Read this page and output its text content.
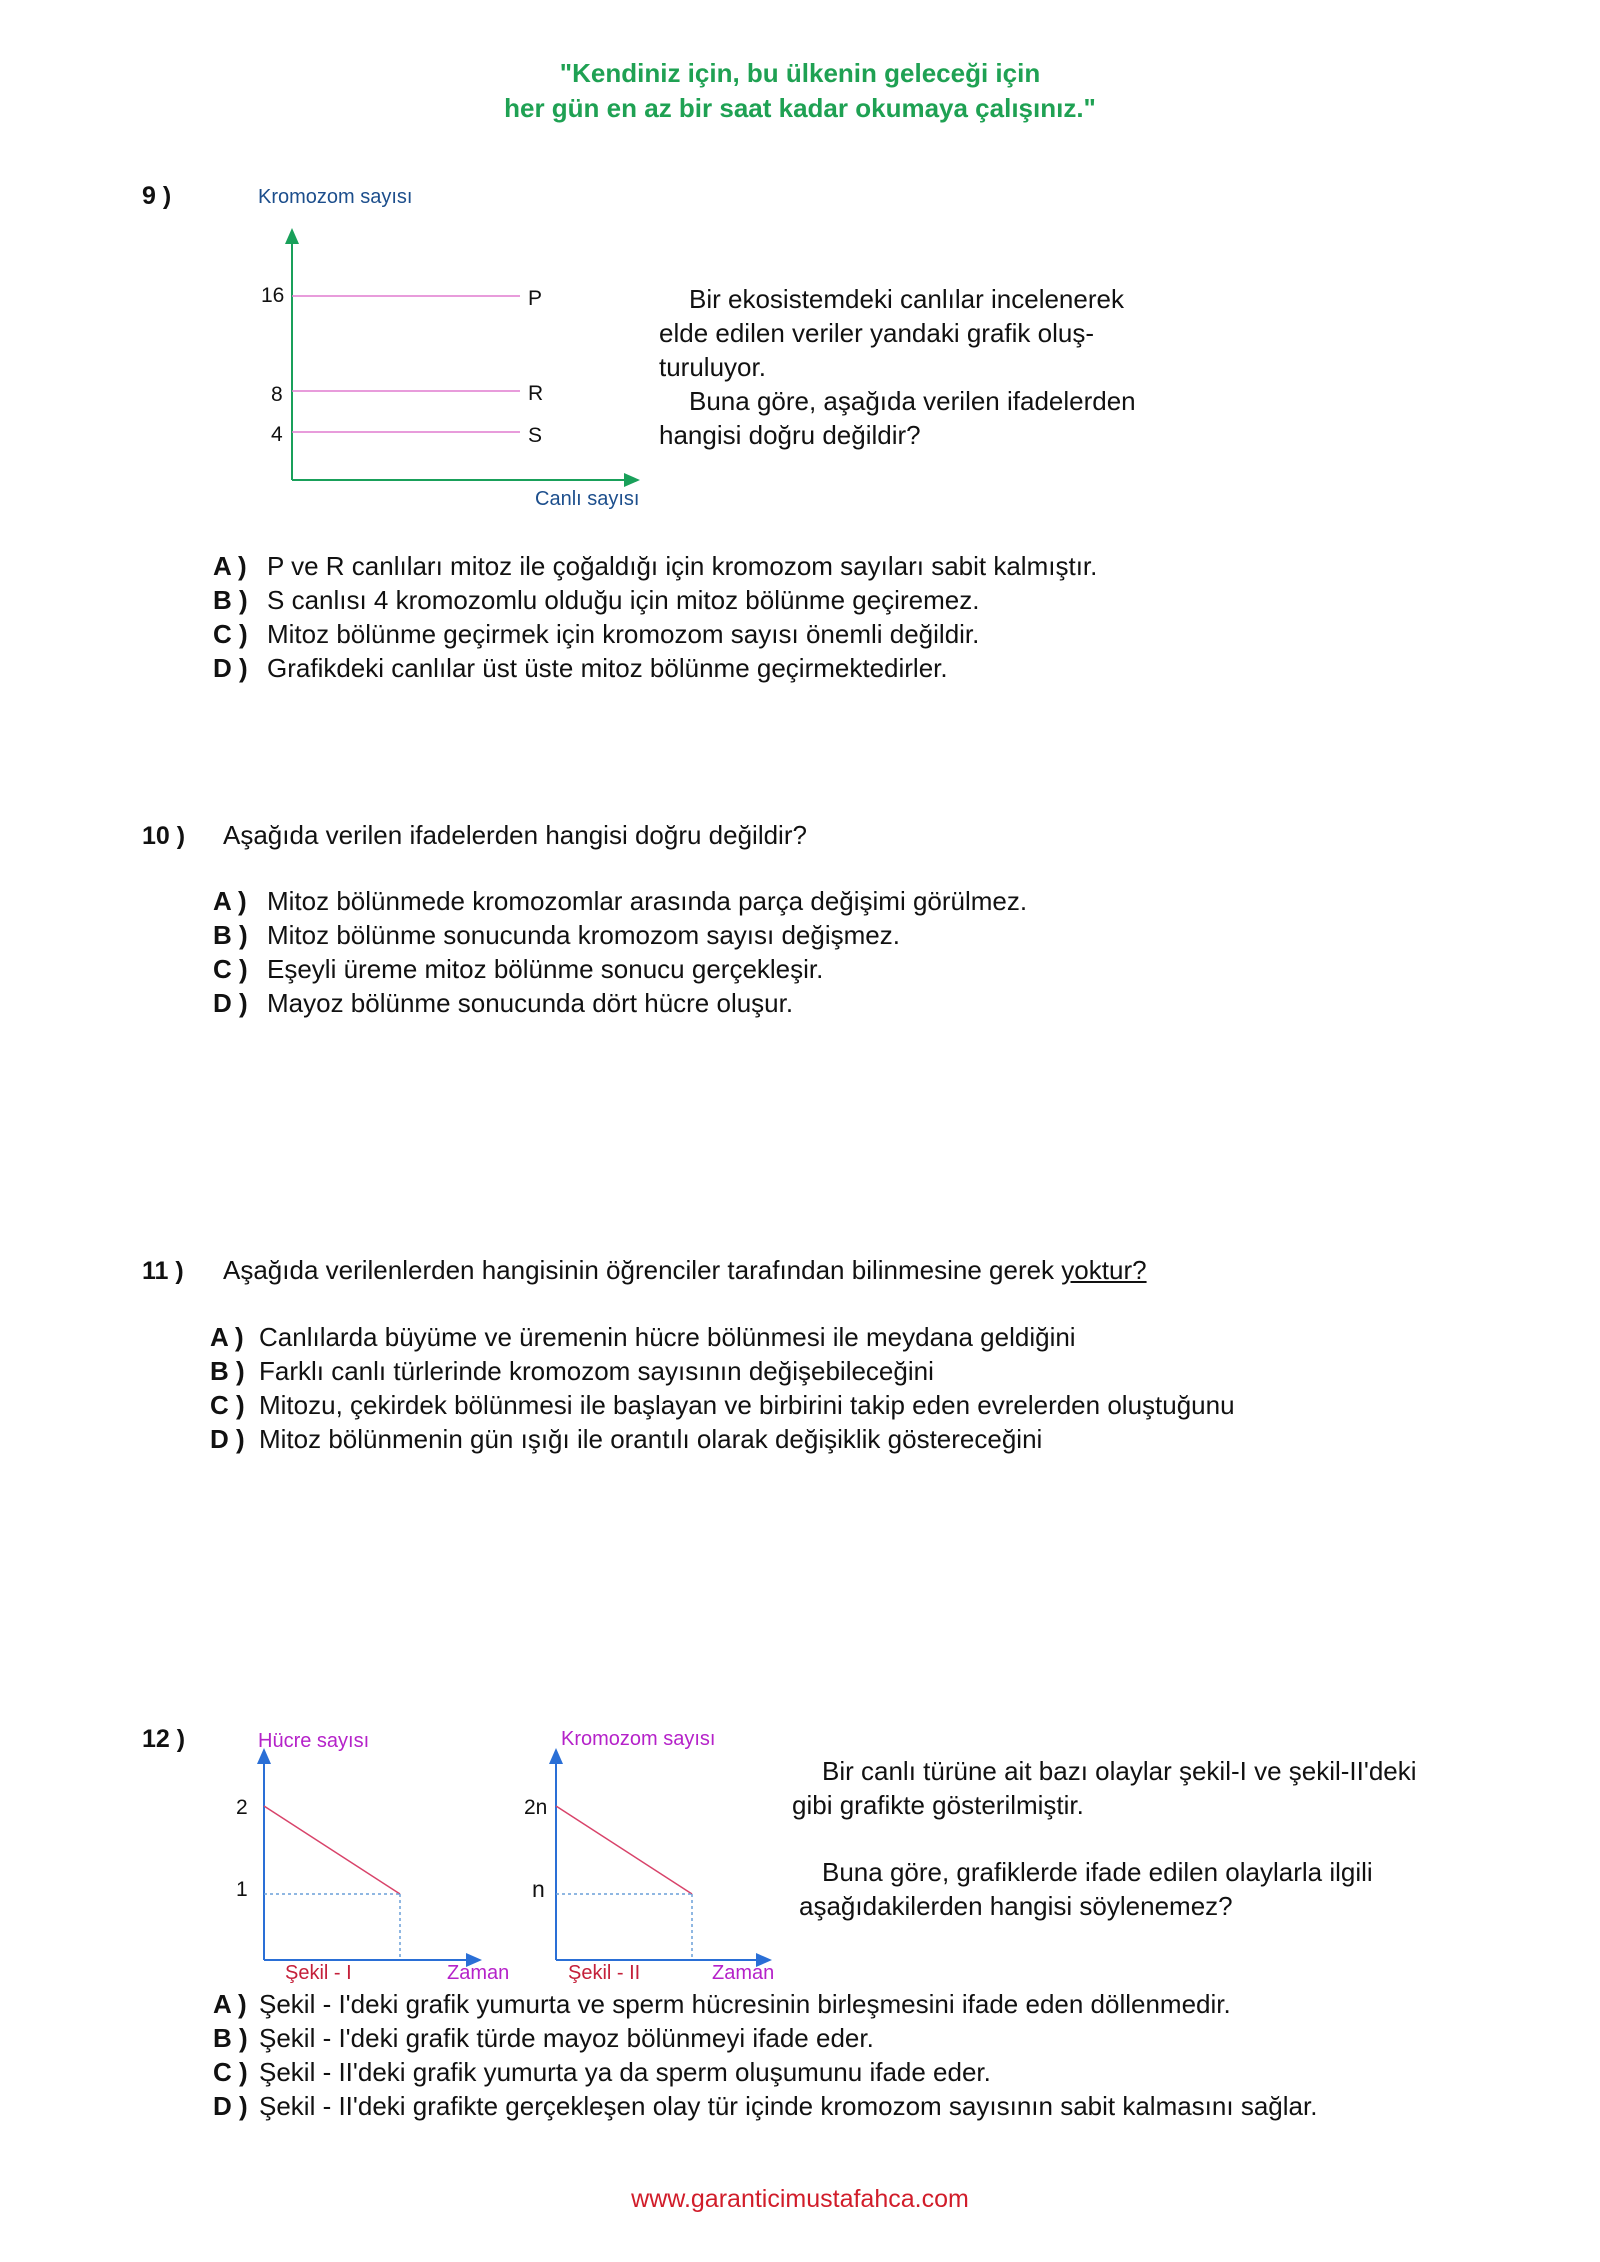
"Kendiniz için, bu ülkenin geleceği için
her gün en az bir saat kadar okumaya çalışınız."
9 )	Kromozom sayısı
16
8
4
P
R
S
Canlı sayısı
Bir ekosistemdeki canlılar incelenerek
elde edilen veriler yandaki grafik oluş-
turuluyor.
Buna göre, aşağıda verilen ifadelerden
hangisi doğru değildir?
A ) P ve R canlıları mitoz ile çoğaldığı için kromozom sayıları sabit kalmıştır.
B ) S canlısı 4 kromozomlu olduğu için mitoz bölünme geçiremez.
C ) Mitoz bölünme geçirmek için kromozom sayısı önemli değildir.
D ) Grafikdeki canlılar üst üste mitoz bölünme geçirmektedirler.
10 ) Aşağıda verilen ifadelerden hangisi doğru değildir?
A ) Mitoz bölünmede kromozomlar arasında parça değişimi görülmez.
B ) Mitoz bölünme sonucunda kromozom sayısı değişmez.
C ) Eşeyli üreme mitoz bölünme sonucu gerçekleşir.
D ) Mayoz bölünme sonucunda dört hücre oluşur.
11 ) Aşağıda verilenlerden hangisinin öğrenciler tarafından bilinmesine gerek yoktur?
A ) Canlılarda büyüme ve üremenin hücre bölünmesi ile meydana geldiğini
B ) Farklı canlı türlerinde kromozom sayısının değişebileceğini
C ) Mitozu, çekirdek bölünmesi ile başlayan ve birbirini takip eden evrelerden oluştuğunu
D ) Mitoz bölünmenin gün ışığı ile orantılı olarak değişiklik göstereceğini
12 )	Hücre sayısı
2
1
Şekil - I	Zaman
Kromozom sayısı
2n
n
Şekil - II	Zaman
Bir canlı türüne ait bazı olaylar şekil-I ve şekil-II'deki
gibi grafikte gösterilmiştir.
Buna göre, grafiklerde ifade edilen olaylarla ilgili
aşağıdakilerden hangisi söylenemez?
A ) Şekil - I'deki grafik yumurta ve sperm hücresinin birleşmesini ifade eden döllenmedir.
B ) Şekil - I'deki grafik türde mayoz bölünmeyi ifade eder.
C ) Şekil - II'deki grafik yumurta ya da sperm oluşumunu ifade eder.
D ) Şekil - II'deki grafikte gerçekleşen olay tür içinde kromozom sayısının sabit kalmasını sağlar.
www.garanticimustafahca.com
